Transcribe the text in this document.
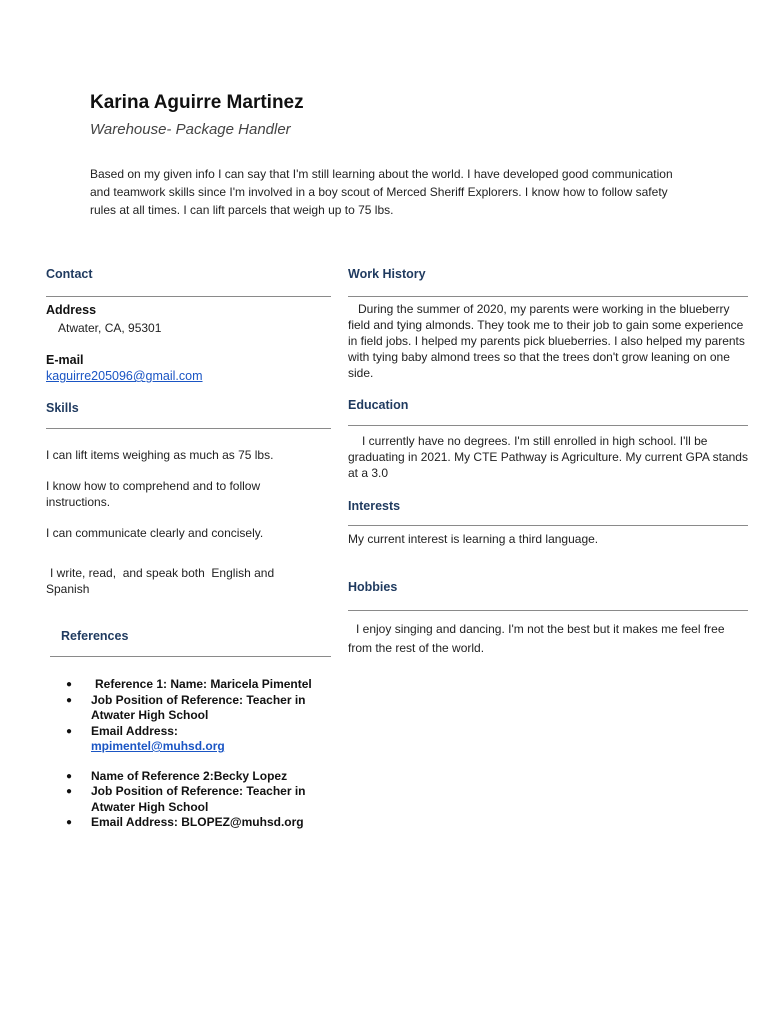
Karina Aguirre Martinez
Warehouse- Package Handler
Based on my given info I can say that I'm still learning about the world. I have developed good communication and teamwork skills since I'm involved in a boy scout of Merced Sheriff Explorers. I know how to follow safety rules at all times. I can lift parcels that weigh up to 75 lbs.
Contact
Address
Atwater, CA, 95301
E-mail
kaguirre205096@gmail.com
Skills
I can lift items weighing as much as 75 lbs.
I know how to comprehend and to follow instructions.
I can communicate clearly and concisely.
I write, read,  and speak both  English and Spanish
References
● Reference 1: Name: Maricela Pimentel
● Job Position of Reference: Teacher in Atwater High School
● Email Address:
mpimentel@muhsd.org
● Name of Reference 2:Becky Lopez
● Job Position of Reference: Teacher in Atwater High School
● Email Address: BLOPEZ@muhsd.org
Work History
During the summer of 2020, my parents were working in the blueberry field and tying almonds. They took me to their job to gain some experience in field jobs. I helped my parents pick blueberries. I also helped my parents with tying baby almond trees so that the trees don't grow leaning on one side.
Education
I currently have no degrees. I'm still enrolled in high school. I'll be graduating in 2021. My CTE Pathway is Agriculture. My current GPA stands at a 3.0
Interests
My current interest is learning a third language.
Hobbies
I enjoy singing and dancing. I'm not the best but it makes me feel free from the rest of the world.
